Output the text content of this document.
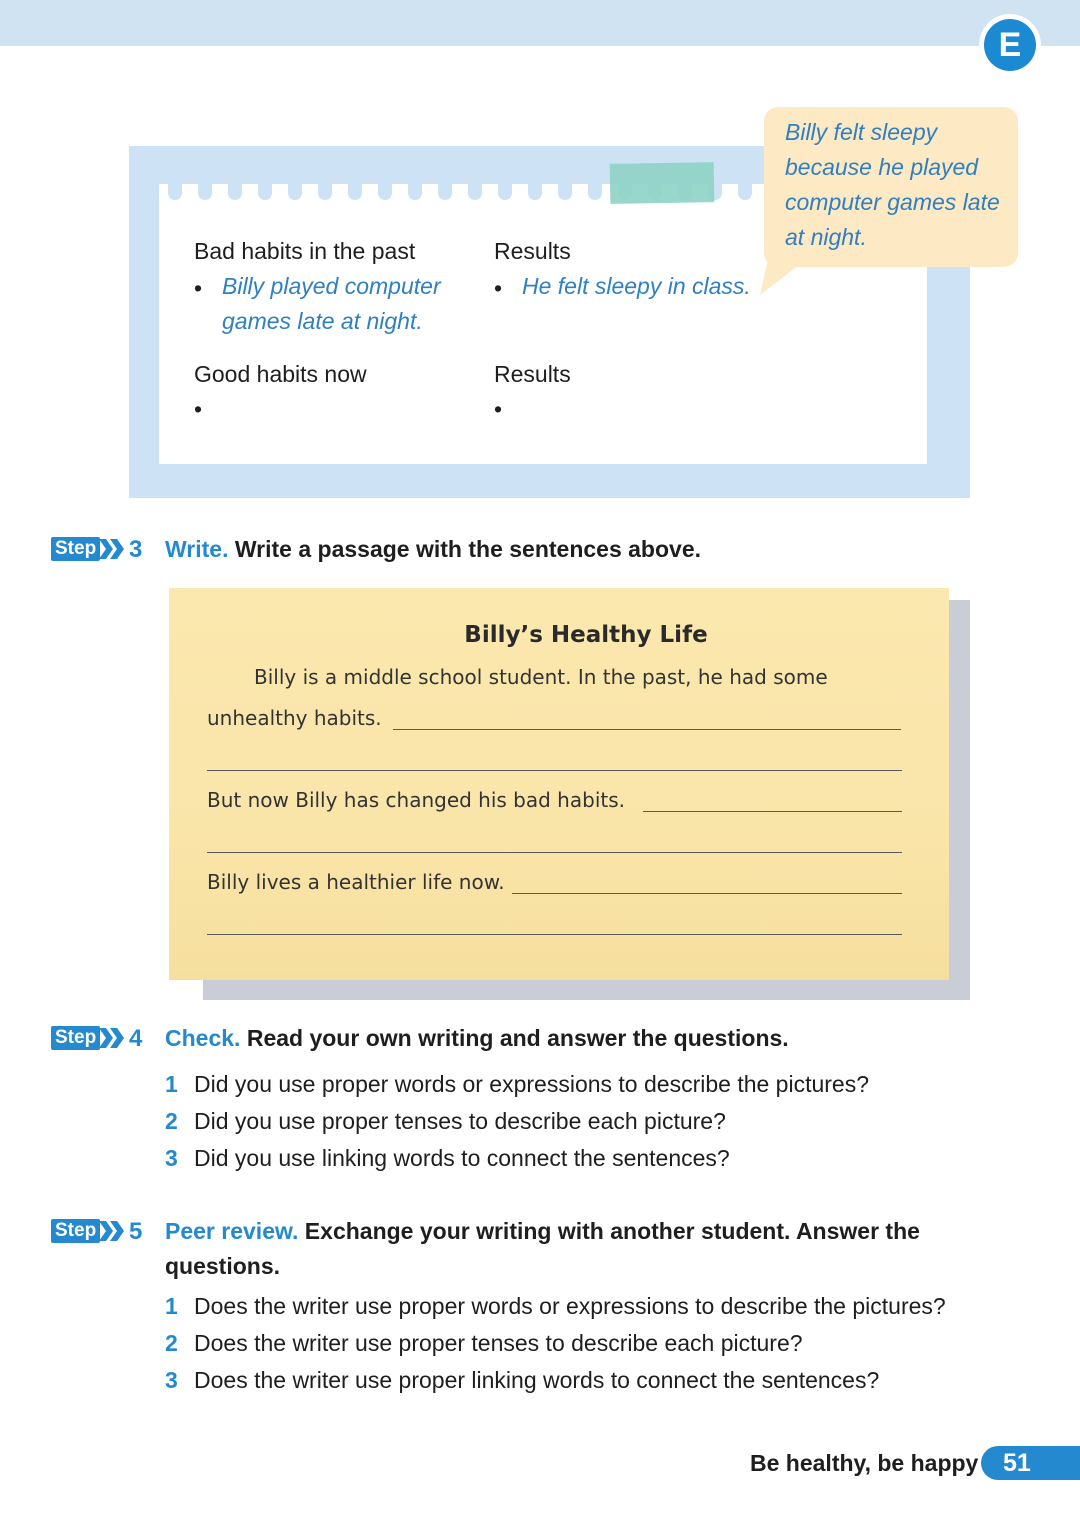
E
Bad habits in the past
• Billy played computer
games late at night.
Results
• He felt sleepy in class.
Good habits now
•
Results
•
Billy felt sleepy
because he played
computer games late
at night.
Step 3 Write. Write a passage with the sentences above.
Billy’s Healthy Life
Billy is a middle school student. In the past, he had some
unhealthy habits.
But now Billy has changed his bad habits.
Billy lives a healthier life now.
Step 4 Check. Read your own writing and answer the questions.
1 Did you use proper words or expressions to describe the pictures?
2 Did you use proper tenses to describe each picture?
3 Did you use linking words to connect the sentences?
Step 5 Peer review. Exchange your writing with another student. Answer the
questions.
1 Does the writer use proper words or expressions to describe the pictures?
2 Does the writer use proper tenses to describe each picture?
3 Does the writer use proper linking words to connect the sentences?
Be healthy, be happy 51
